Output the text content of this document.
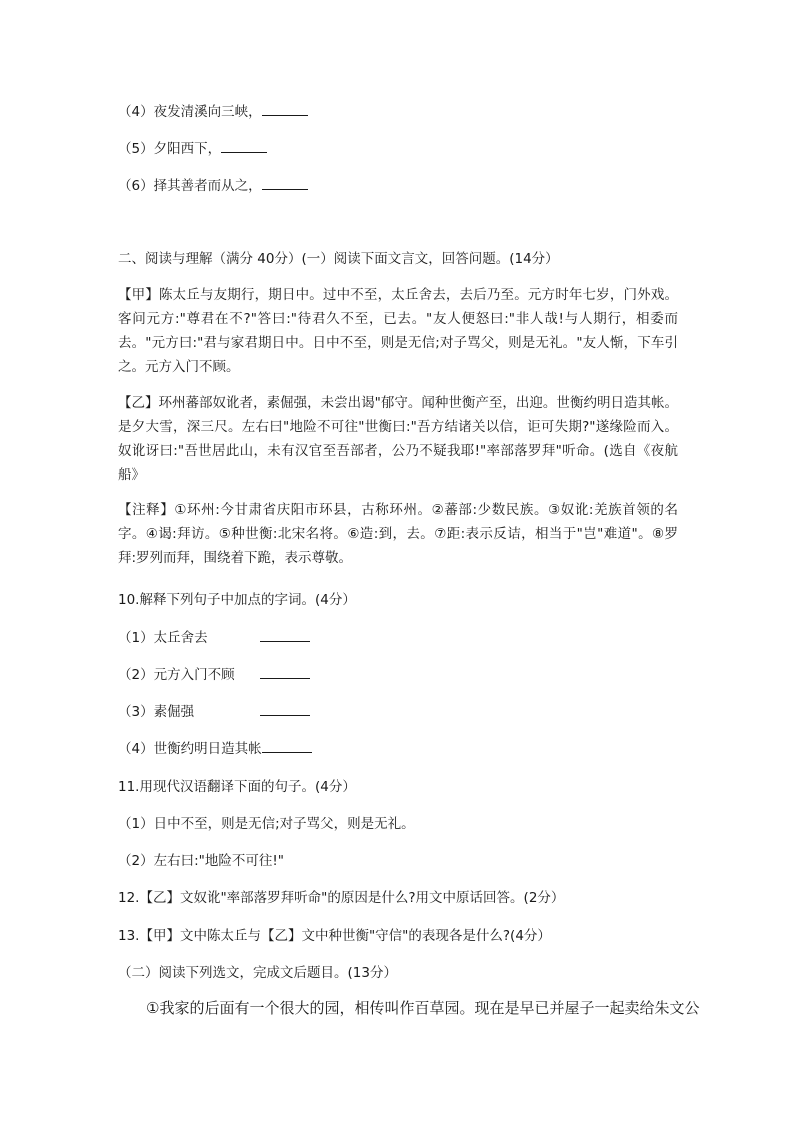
（4）夜发清溪向三峡，
（5）夕阳西下，
（6）择其善者而从之，
二、阅读与理解（满分 40分）(一）阅读下面文言文，回答问题。(14分）
【甲】陈太丘与友期行，期日中。过中不至，太丘舍去，去后乃至。元方时年七岁，门外戏。客问元方:"尊君在不?"答曰:"待君久不至，已去。"友人便怒曰:"非人哉!与人期行，相委而去。"元方曰:"君与家君期日中。日中不至，则是无信;对子骂父，则是无礼。"友人惭，下车引之。元方入门不顾。
【乙】环州蕃部奴讹者，素倔强，未尝出谒"郁守。闻种世衡产至，出迎。世衡约明日造其帐。是夕大雪，深三尺。左右曰"地险不可往"世衡曰:"吾方结诸关以信，讵可失期?"遂缘险而入。奴讹讶曰:"吾世居此山，未有汉官至吾部者，公乃不疑我耶!"率部落罗拜"听命。(选自《夜航船》
【注释】①环州:今甘肃省庆阳市环县，古称环州。②蕃部:少数民族。③奴讹:羌族首领的名字。④谒:拜访。⑤种世衡:北宋名将。⑥造:到，去。⑦距:表示反诘，相当于"岂"难道"。⑧罗拜:罗列而拜，围绕着下跪，表示尊敬。
10.解释下列句子中加点的字词。(4分）
（1）太丘舍去
（2）元方入门不顾
（3）素倔强
（4）世衡约明日造其帐
11.用现代汉语翻译下面的句子。(4分）
（1）日中不至，则是无信;对子骂父，则是无礼。
（2）左右曰:"地险不可往!"
12.【乙】文奴讹"率部落罗拜听命"的原因是什么?用文中原话回答。(2分）
13.【甲】文中陈太丘与【乙】文中种世衡"守信"的表现各是什么?(4分）
（二）阅读下列选文，完成文后题目。(13分）
①我家的后面有一个很大的园，相传叫作百草园。现在是早已并屋子一起卖给朱文公
